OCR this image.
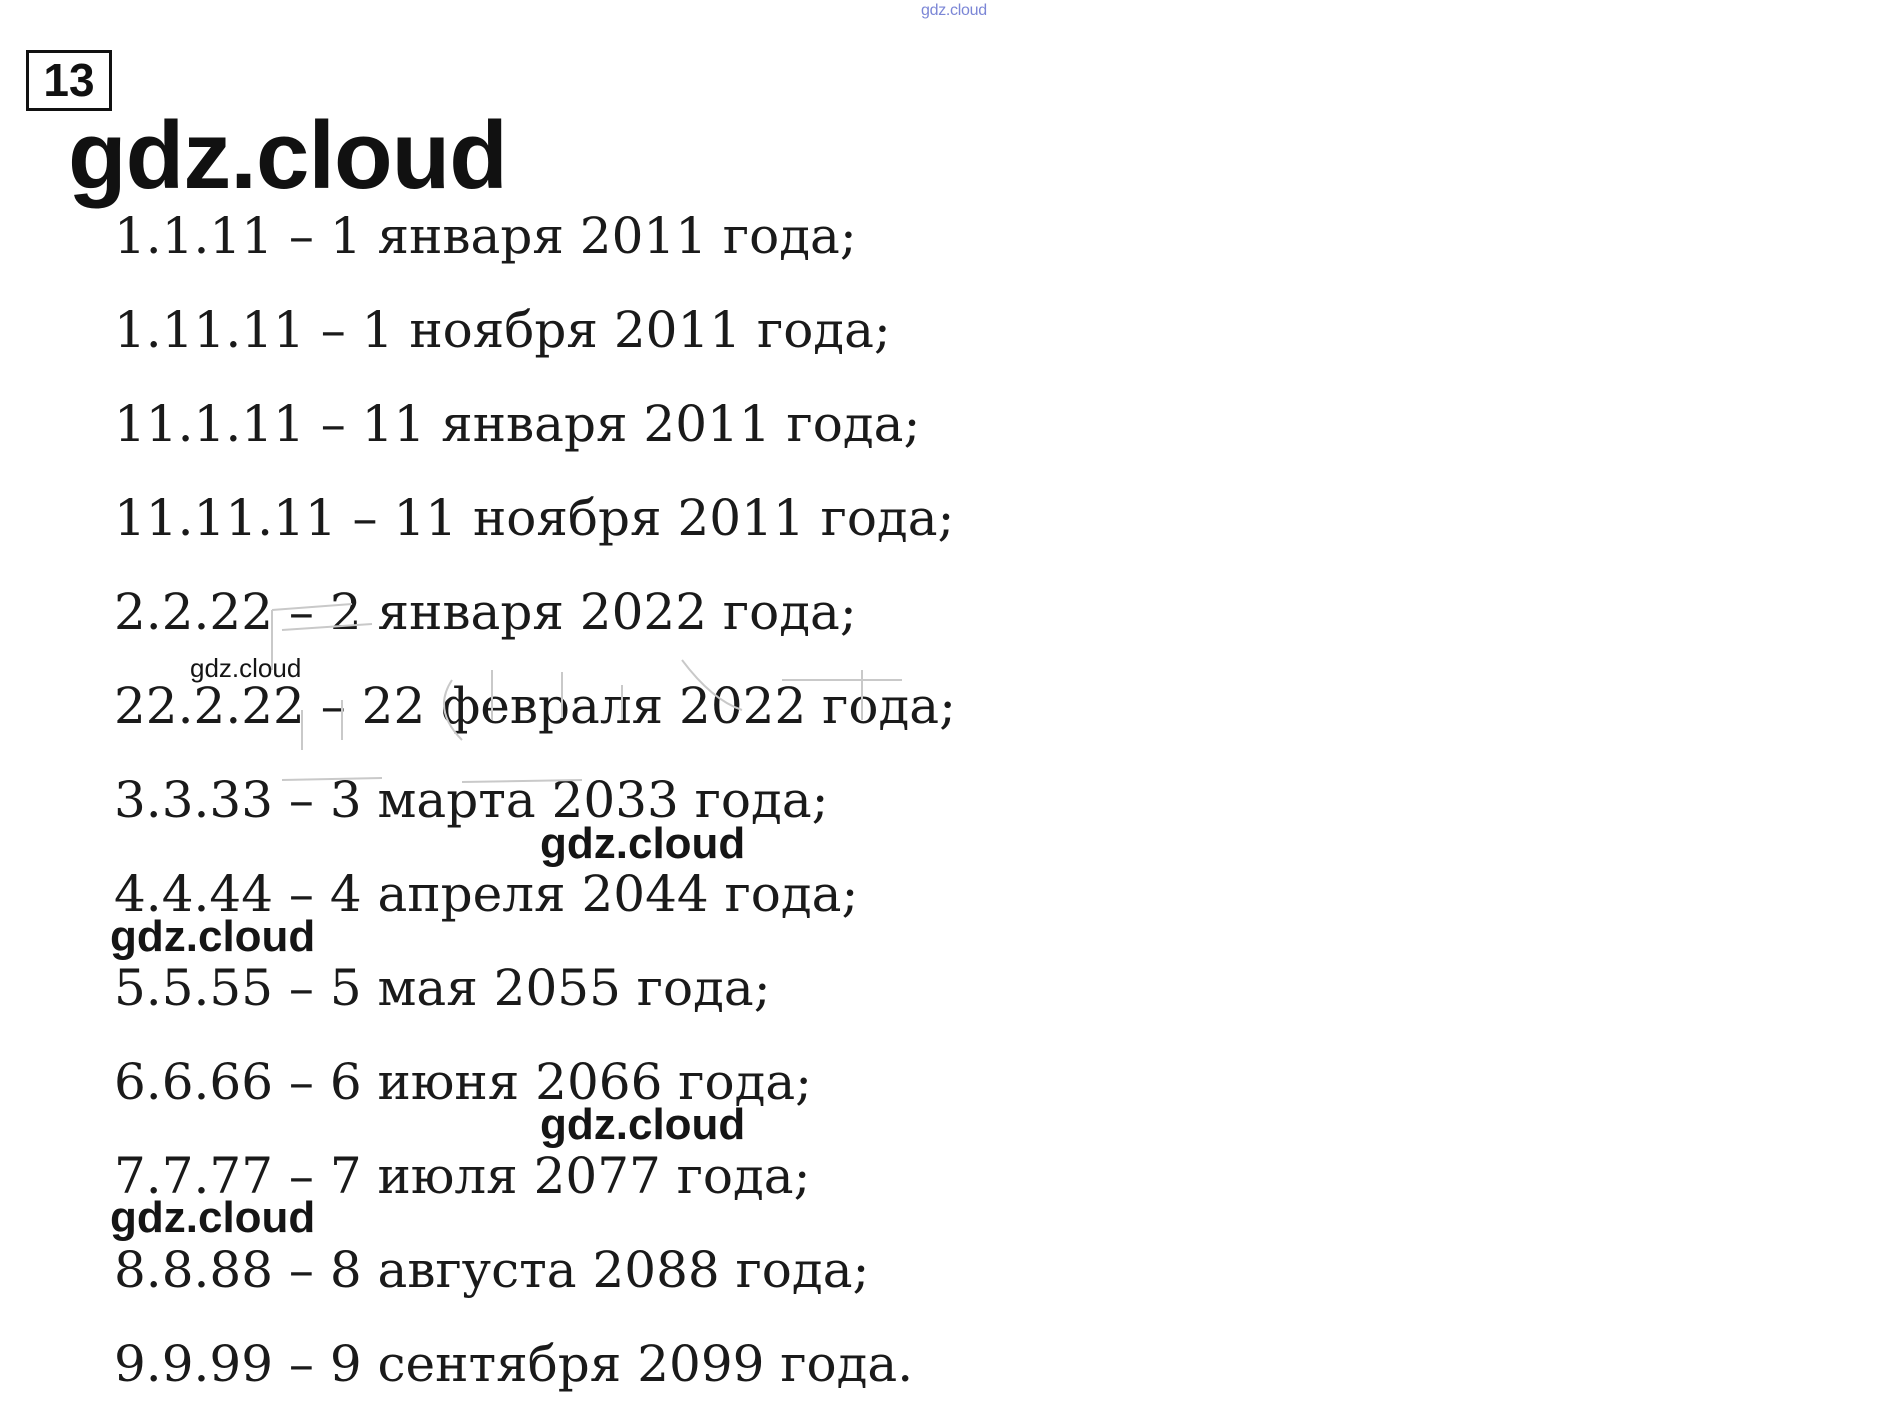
gdz.cloud
13
gdz.cloud
1.1.11 – 1 января 2011 года;
1.11.11 – 1 ноября 2011 года;
11.1.11 – 11 января 2011 года;
11.11.11 – 11 ноября 2011 года;
2.2.22 – 2 января 2022 года;
22.2.22 – 22 февраля 2022 года;
3.3.33 – 3 марта 2033 года;
4.4.44 – 4 апреля 2044 года;
5.5.55 – 5 мая 2055 года;
6.6.66 – 6 июня 2066 года;
7.7.77 – 7 июля 2077 года;
8.8.88 – 8 августа 2088 года;
9.9.99 – 9 сентября 2099 года.
gdz.cloud
gdz.cloud
gdz.cloud
gdz.cloud
gdz.cloud
